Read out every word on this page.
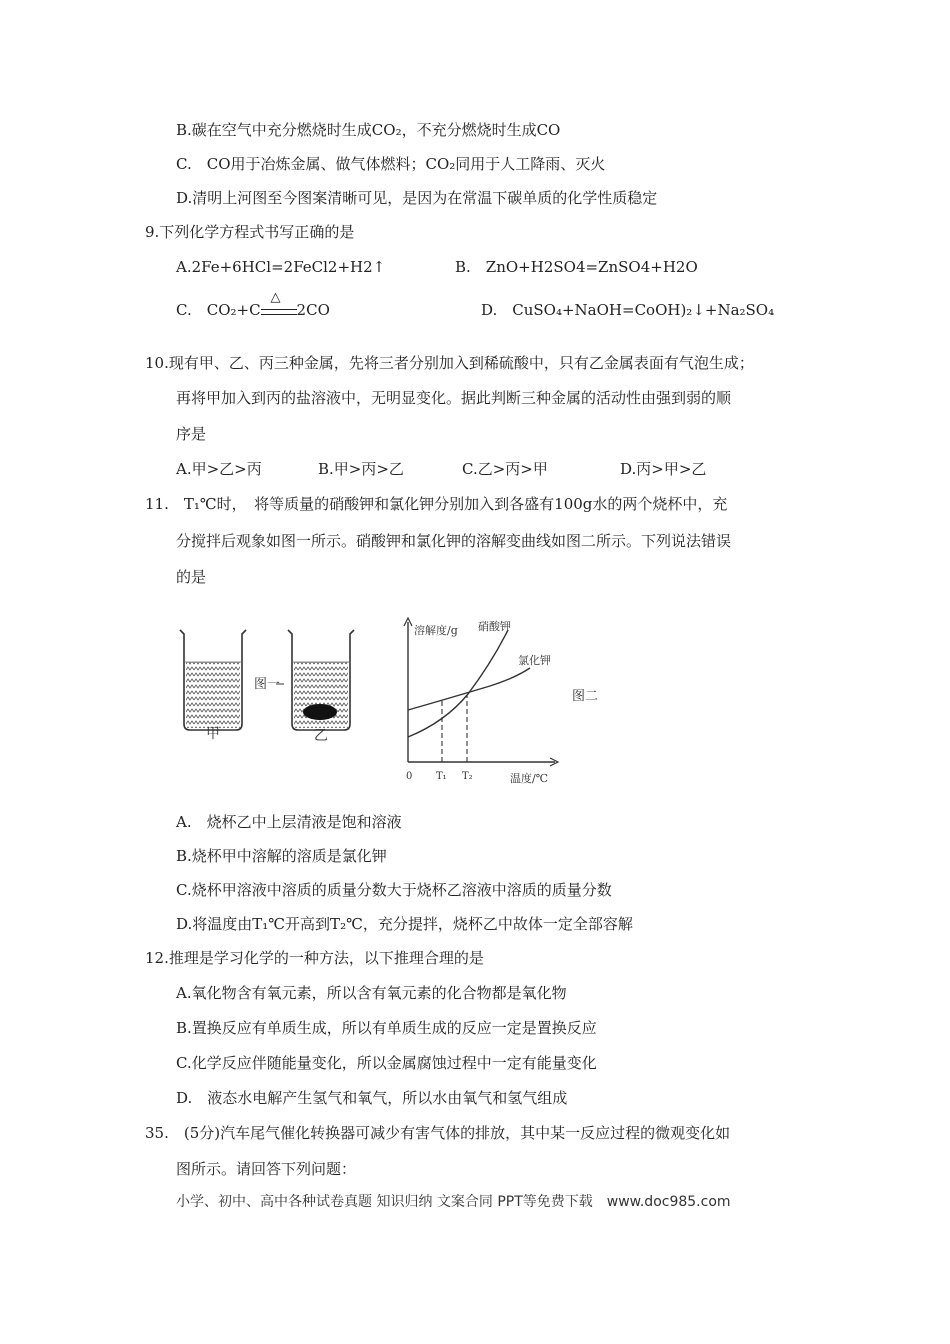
B.碳在空气中充分燃烧时生成CO₂，不充分燃烧时生成CO
C.　CO用于冶炼金属、做气体燃料；CO₂同用于人工降雨、灭火
D.清明上河图至今图案清晰可见，是因为在常温下碳单质的化学性质稳定
9.下列化学方程式书写正确的是
A.2Fe+6HCl=2FeCl2+H2↑	B.　ZnO+H2SO4=ZnSO4+H2O
C.　CO₂+C
△
2CO	D.　CuSO₄+NaOH=CoOH)₂↓+Na₂SO₄
10.现有甲、乙、丙三种金属，先将三者分别加入到稀硫酸中，只有乙金属表面有气泡生成；
再将甲加入到丙的盐溶液中，无明显变化。据此判断三种金属的活动性由强到弱的顺
序是
A.甲>乙>丙	B.甲>丙>乙	C.乙>丙>甲	D.丙>甲>乙
11.　T₁℃时，　将等质量的硝酸钾和氯化钾分别加入到各盛有100g水的两个烧杯中，充
分搅拌后观象如图一所示。硝酸钾和氯化钾的溶解变曲线如图二所示。下列说法错误
的是
甲
图一
乙
溶解度/g 硝酸钾
氯化钾
0 T₁ T₂	温度/℃
图二
A.　烧杯乙中上层清液是饱和溶液
B.烧杯甲中溶解的溶质是氯化钾
C.烧杯甲溶液中溶质的质量分数大于烧杯乙溶液中溶质的质量分数
D.将温度由T₁℃开高到T₂℃，充分提拌，烧杯乙中故体一定全部容解
12.推理是学习化学的一种方法，以下推理合理的是
A.氧化物含有氧元素，所以含有氧元素的化合物都是氧化物
B.置换反应有单质生成，所以有单质生成的反应一定是置换反应
C.化学反应伴随能量变化，所以金属腐蚀过程中一定有能量变化
D.　液态水电解产生氢气和氧气，所以水由氧气和氢气组成
35.　(5分)汽车尾气催化转换器可减少有害气体的排放，其中某一反应过程的微观变化如
图所示。请回答下列问题：
小学、初中、高中各种试卷真题 知识归纳 文案合同 PPT等免费下载　www.doc985.com
